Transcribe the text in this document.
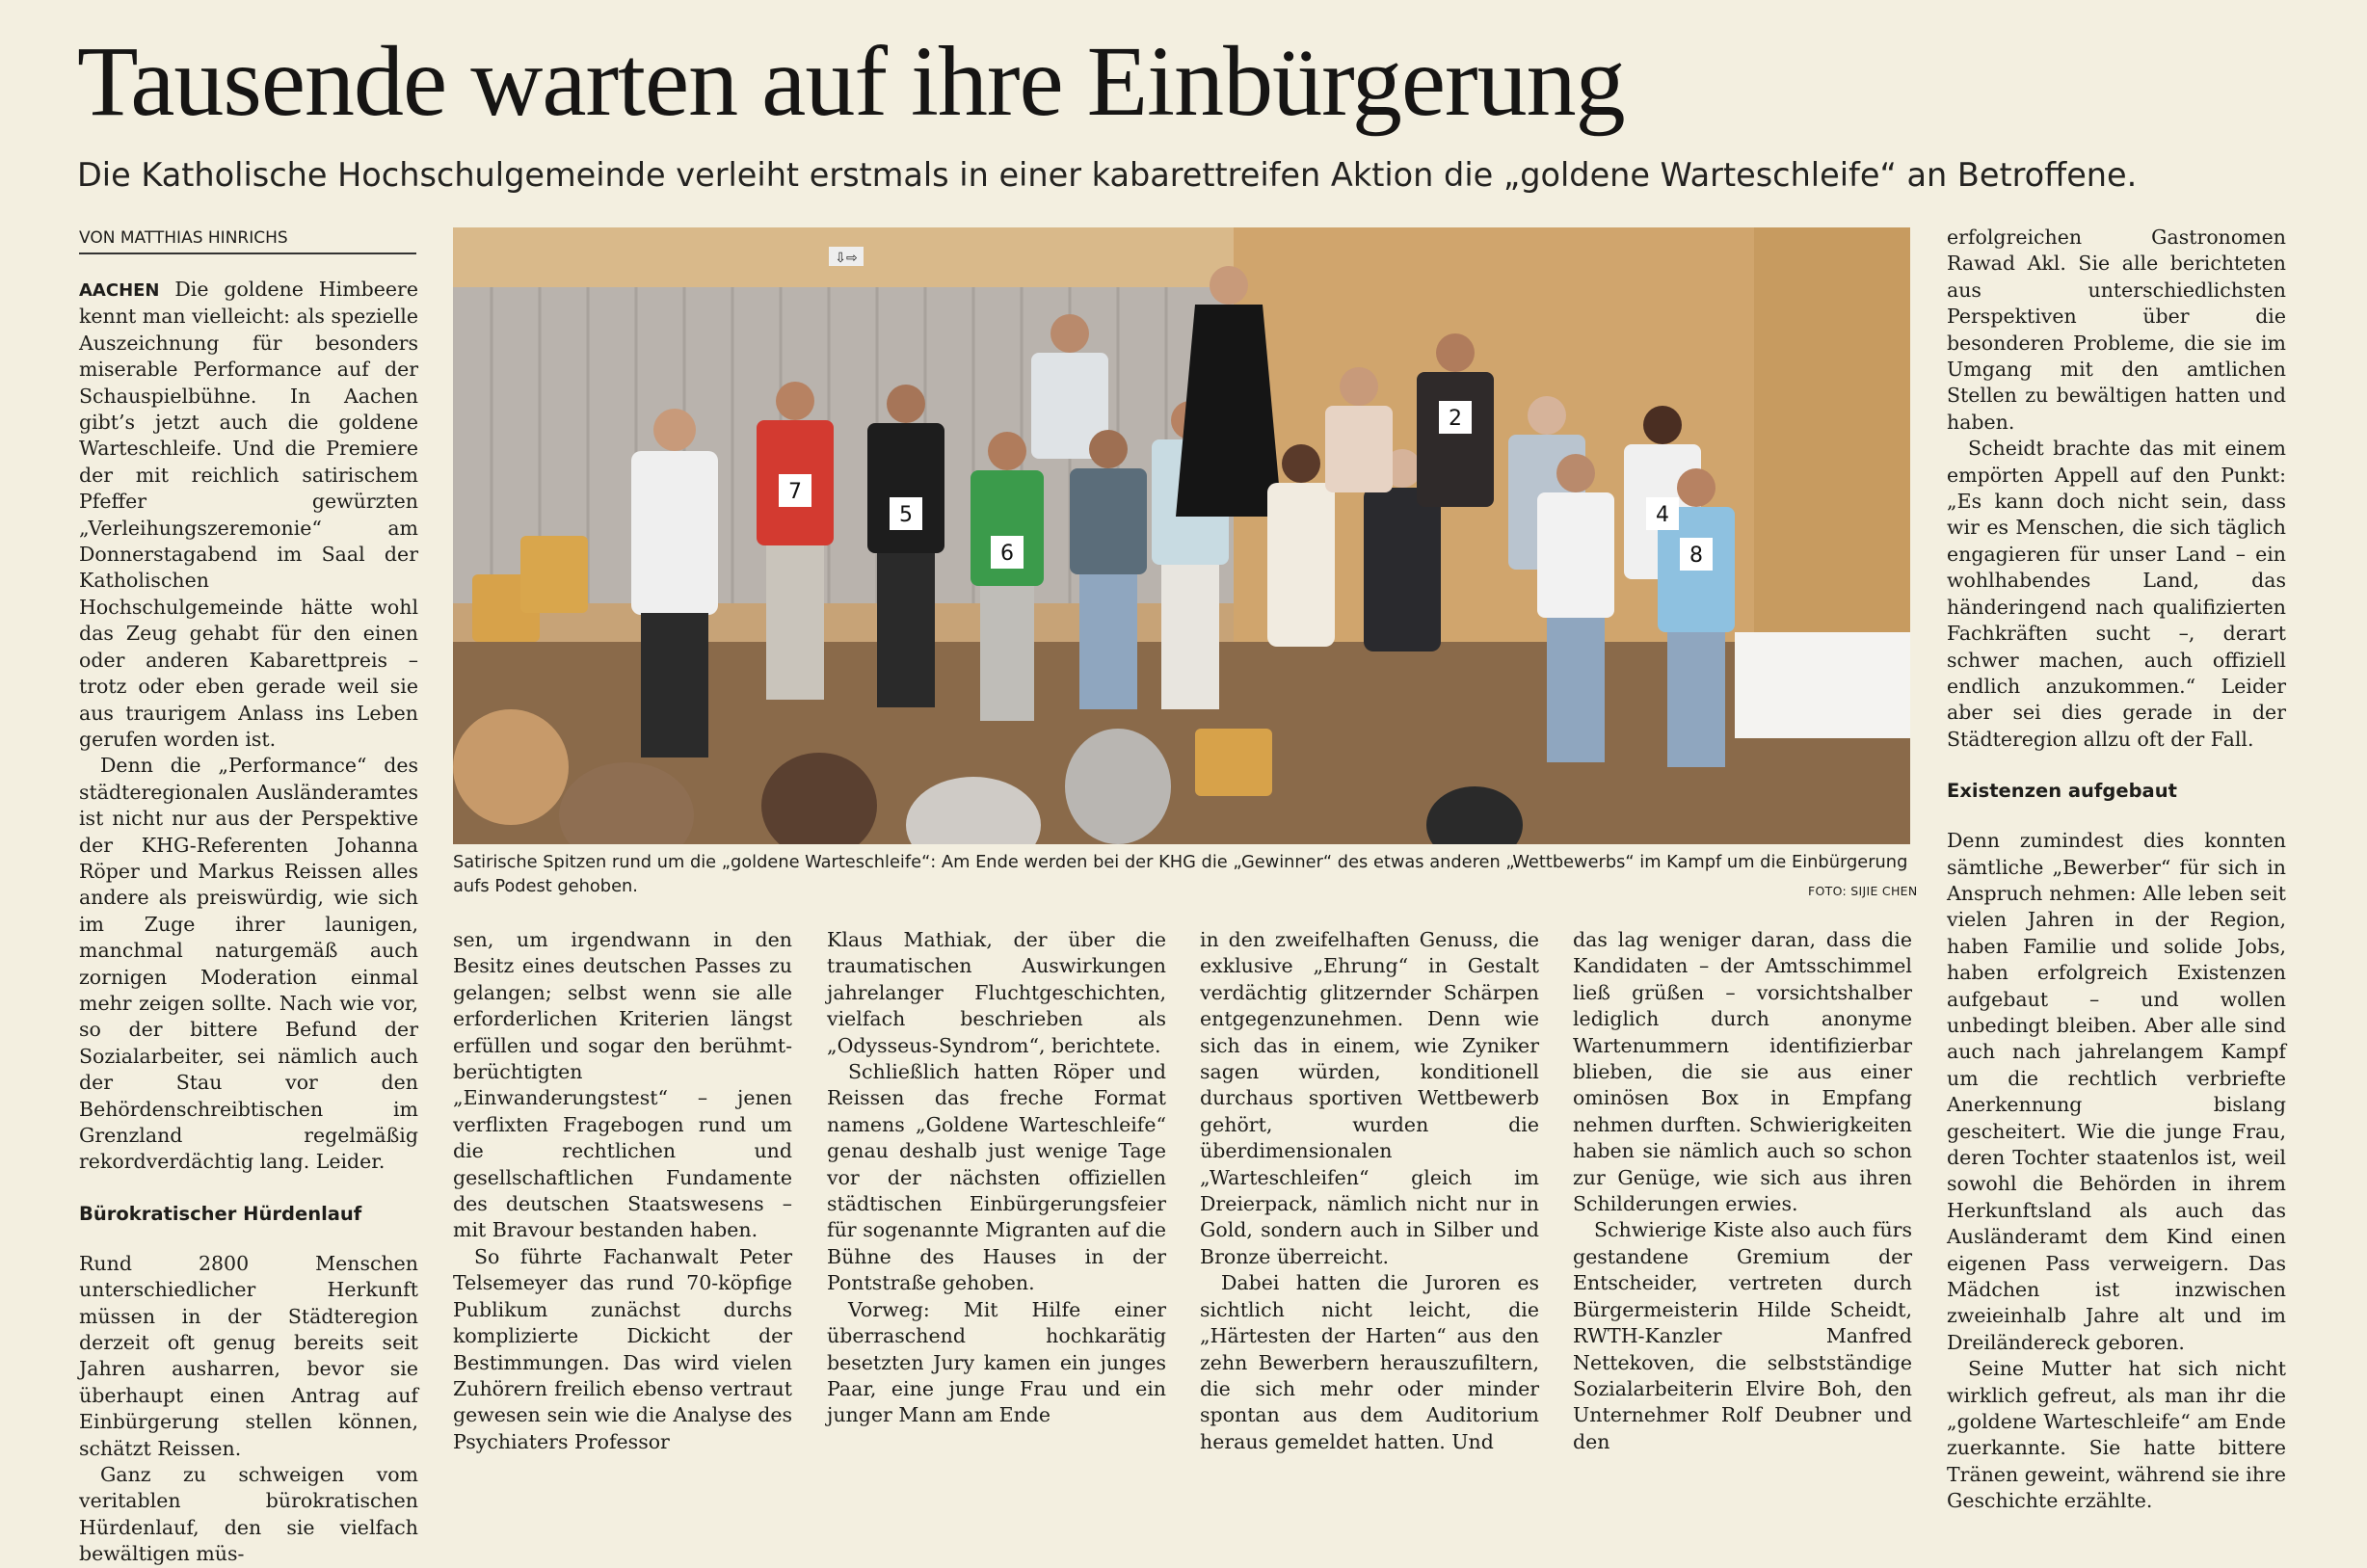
Tausende warten auf ihre Einbürgerung
Die Katholische Hochschulgemeinde verleiht erstmals in einer kabarettreifen Aktion die „goldene Warteschleife“ an Betroffene.
VON MATTHIAS HINRICHS

AACHEN Die goldene Himbeere kennt man vielleicht: als spezielle Auszeichnung für besonders miserable Performance auf der Schauspielbühne. In Aachen gibt’s jetzt auch die goldene Warteschleife. Und die Premiere der mit reichlich satirischem Pfeffer gewürzten „Verleihungszeremonie“ am Donnerstagabend im Saal der Katholischen Hochschulgemeinde hätte wohl das Zeug gehabt für den einen oder anderen Kabarettpreis – trotz oder eben gerade weil sie aus traurigem Anlass ins Leben gerufen worden ist.

Denn die „Performance“ des städteregionalen Ausländeramtes ist nicht nur aus der Perspektive der KHG-Referenten Johanna Röper und Markus Reissen alles andere als preiswürdig, wie sich im Zuge ihrer launigen, manchmal naturgemäß auch zornigen Moderation einmal mehr zeigen sollte. Nach wie vor, so der bittere Befund der Sozialarbeiter, sei nämlich auch der Stau vor den Behördenschreibtischen im Grenzland regelmäßig rekordverdächtig lang. Leider.

Bürokratischer Hürdenlauf

Rund 2800 Menschen unterschiedlicher Herkunft müssen in der Städteregion derzeit oft genug bereits seit Jahren ausharren, bevor sie überhaupt einen Antrag auf Einbürgerung stellen können, schätzt Reissen.

Ganz zu schweigen vom veritablen bürokratischen Hürdenlauf, den sie vielfach bewältigen müs-

⇩⇨
7
5
6
2
4
8
Satirische Spitzen rund um die „goldene Warteschleife“: Am Ende werden bei der KHG die „Gewinner“ des etwas anderen „Wettbewerbs“ im Kampf um die Einbürgerung aufs Podest gehoben.	FOTO: SIJIE CHEN

sen, um irgendwann in den Besitz eines deutschen Passes zu gelangen; selbst wenn sie alle erforderlichen Kriterien längst erfüllen und sogar den berühmt-berüchtigten „Einwanderungstest“ – jenen verflixten Fragebogen rund um die rechtlichen und gesellschaftlichen Fundamente des deutschen Staatswesens – mit Bravour bestanden haben.

So führte Fachanwalt Peter Telsemeyer das rund 70-köpfige Publikum zunächst durchs komplizierte Dickicht der Bestimmungen. Das wird vielen Zuhörern freilich ebenso vertraut gewesen sein wie die Analyse des Psychiaters Professor

Klaus Mathiak, der über die traumatischen Auswirkungen jahrelanger Fluchtgeschichten, vielfach beschrieben als „Odysseus-Syndrom“, berichtete.

Schließlich hatten Röper und Reissen das freche Format namens „Goldene Warteschleife“ genau deshalb just wenige Tage vor der nächsten offiziellen städtischen Einbürgerungsfeier für sogenannte Migranten auf die Bühne des Hauses in der Pontstraße gehoben.

Vorweg: Mit Hilfe einer überraschend hochkarätig besetzten Jury kamen ein junges Paar, eine junge Frau und ein junger Mann am Ende

in den zweifelhaften Genuss, die exklusive „Ehrung“ in Gestalt verdächtig glitzernder Schärpen entgegenzunehmen. Denn wie sich das in einem, wie Zyniker sagen würden, konditionell durchaus sportiven Wettbewerb gehört, wurden die überdimensionalen „Warteschleifen“ gleich im Dreierpack, nämlich nicht nur in Gold, sondern auch in Silber und Bronze überreicht.

Dabei hatten die Juroren es sichtlich nicht leicht, die „Härtesten der Harten“ aus den zehn Bewerbern herauszufiltern, die sich mehr oder minder spontan aus dem Auditorium heraus gemeldet hatten. Und

das lag weniger daran, dass die Kandidaten – der Amtsschimmel ließ grüßen – vorsichtshalber lediglich durch anonyme Wartenummern identifizierbar blieben, die sie aus einer ominösen Box in Empfang nehmen durften. Schwierigkeiten haben sie nämlich auch so schon zur Genüge, wie sich aus ihren Schilderungen erwies.

Schwierige Kiste also auch fürs gestandene Gremium der Entscheider, vertreten durch Bürgermeisterin Hilde Scheidt, RWTH-Kanzler Manfred Nettekoven, die selbstständige Sozialarbeiterin Elvire Boh, den Unternehmer Rolf Deubner und den

erfolgreichen Gastronomen Rawad Akl. Sie alle berichteten aus unterschiedlichsten Perspektiven über die besonderen Probleme, die sie im Umgang mit den amtlichen Stellen zu bewältigen hatten und haben.

Scheidt brachte das mit einem empörten Appell auf den Punkt: „Es kann doch nicht sein, dass wir es Menschen, die sich täglich engagieren für unser Land – ein wohlhabendes Land, das händeringend nach qualifizierten Fachkräften sucht –, derart schwer machen, auch offiziell endlich anzukommen.“ Leider aber sei dies gerade in der Städteregion allzu oft der Fall.

Existenzen aufgebaut

Denn zumindest dies konnten sämtliche „Bewerber“ für sich in Anspruch nehmen: Alle leben seit vielen Jahren in der Region, haben Familie und solide Jobs, haben erfolgreich Existenzen aufgebaut – und wollen unbedingt bleiben. Aber alle sind auch nach jahrelangem Kampf um die rechtlich verbriefte Anerkennung bislang gescheitert. Wie die junge Frau, deren Tochter staatenlos ist, weil sowohl die Behörden in ihrem Herkunftsland als auch das Ausländeramt dem Kind einen eigenen Pass verweigern. Das Mädchen ist inzwischen zweieinhalb Jahre alt und im Dreiländereck geboren.

Seine Mutter hat sich nicht wirklich gefreut, als man ihr die „goldene Warteschleife“ am Ende zuerkannte. Sie hatte bittere Tränen geweint, während sie ihre Geschichte erzählte.
